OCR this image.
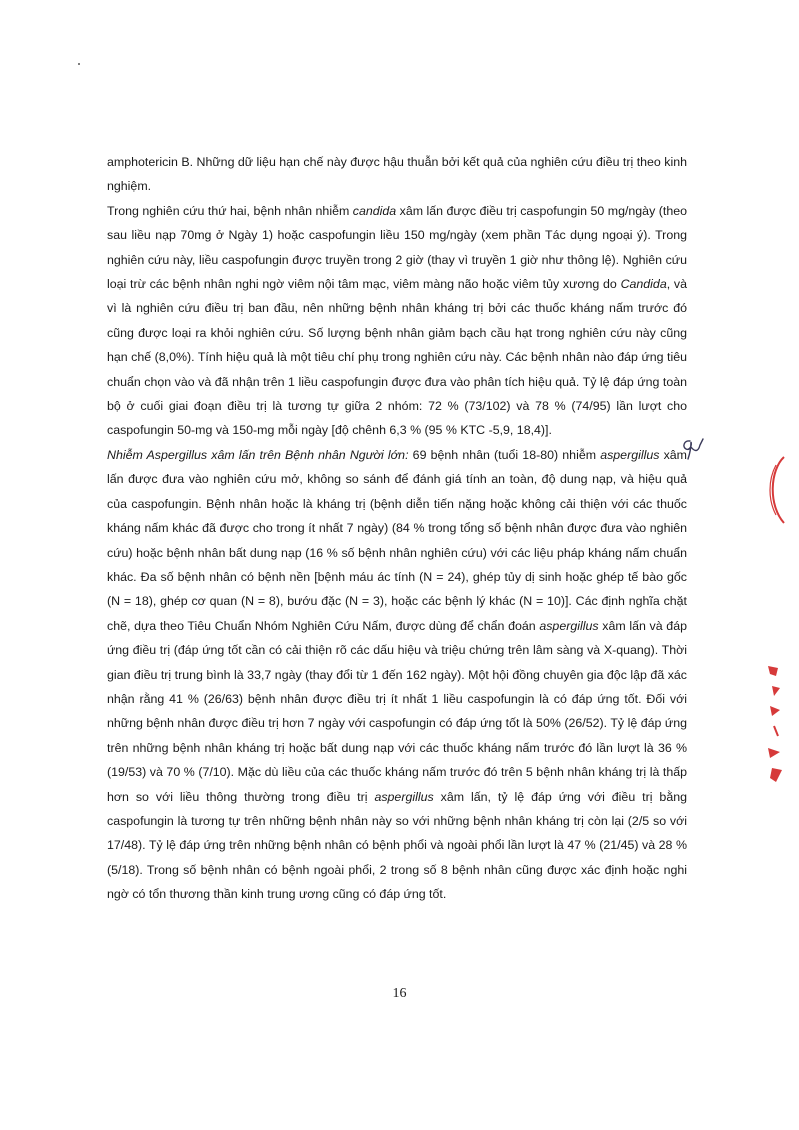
amphotericin B. Những dữ liệu hạn chế này được hậu thuẫn bởi kết quả của nghiên cứu điều trị theo kinh nghiệm.

Trong nghiên cứu thứ hai, bệnh nhân nhiễm candida xâm lấn được điều trị caspofungin 50 mg/ngày (theo sau liều nạp 70mg ở Ngày 1) hoặc caspofungin liều 150 mg/ngày (xem phần Tác dụng ngoại ý). Trong nghiên cứu này, liều caspofungin được truyền trong 2 giờ (thay vì truyền 1 giờ như thông lệ). Nghiên cứu loại trừ các bệnh nhân nghi ngờ viêm nội tâm mạc, viêm màng não hoặc viêm tủy xương do Candida, và vì là nghiên cứu điều trị ban đầu, nên những bệnh nhân kháng trị bởi các thuốc kháng nấm trước đó cũng được loại ra khỏi nghiên cứu. Số lượng bệnh nhân giảm bạch cầu hạt trong nghiên cứu này cũng hạn chế (8,0%). Tính hiệu quả là một tiêu chí phụ trong nghiên cứu này. Các bệnh nhân nào đáp ứng tiêu chuẩn chọn vào và đã nhận trên 1 liều caspofungin được đưa vào phân tích hiệu quả. Tỷ lệ đáp ứng toàn bộ ở cuối giai đoạn điều trị là tương tự giữa 2 nhóm: 72 % (73/102) và 78 % (74/95) lần lượt cho caspofungin 50-mg và 150-mg mỗi ngày [độ chênh 6,3 % (95 % KTC -5,9, 18,4)].

Nhiễm Aspergillus xâm lấn trên Bệnh nhân Người lớn: 69 bệnh nhân (tuổi 18-80) nhiễm aspergillus xâm lấn được đưa vào nghiên cứu mở, không so sánh để đánh giá tính an toàn, độ dung nạp, và hiệu quả của caspofungin. Bệnh nhân hoặc là kháng trị (bệnh diễn tiến nặng hoặc không cải thiện với các thuốc kháng nấm khác đã được cho trong ít nhất 7 ngày) (84 % trong tổng số bệnh nhân được đưa vào nghiên cứu) hoặc bệnh nhân bất dung nạp (16 % số bệnh nhân nghiên cứu) với các liệu pháp kháng nấm chuẩn khác. Đa số bệnh nhân có bệnh nền [bệnh máu ác tính (N = 24), ghép tủy dị sinh hoặc ghép tế bào gốc (N = 18), ghép cơ quan (N = 8), bướu đặc (N = 3), hoặc các bệnh lý khác (N = 10)]. Các định nghĩa chặt chẽ, dựa theo Tiêu Chuẩn Nhóm Nghiên Cứu Nấm, được dùng để chẩn đoán aspergillus xâm lấn và đáp ứng điều trị (đáp ứng tốt cần có cải thiện rõ các dấu hiệu và triệu chứng trên lâm sàng và X-quang). Thời gian điều trị trung bình là 33,7 ngày (thay đổi từ 1 đến 162 ngày). Một hội đồng chuyên gia độc lập đã xác nhận rằng 41 % (26/63) bệnh nhân được điều trị ít nhất 1 liều caspofungin là có đáp ứng tốt. Đối với những bệnh nhân được điều trị hơn 7 ngày với caspofungin có đáp ứng tốt là 50% (26/52). Tỷ lệ đáp ứng trên những bệnh nhân kháng trị hoặc bất dung nạp với các thuốc kháng nấm trước đó lần lượt là 36 % (19/53) và 70 % (7/10). Mặc dù liều của các thuốc kháng nấm trước đó trên 5 bệnh nhân kháng trị là thấp hơn so với liều thông thường trong điều trị aspergillus xâm lấn, tỷ lệ đáp ứng với điều trị bằng caspofungin là tương tự trên những bệnh nhân này so với những bệnh nhân kháng trị còn lại (2/5 so với 17/48). Tỷ lệ đáp ứng trên những bệnh nhân có bệnh phổi và ngoài phổi lần lượt là 47 % (21/45) và 28 % (5/18). Trong số bệnh nhân có bệnh ngoài phổi, 2 trong số 8 bệnh nhân cũng được xác định hoặc nghi ngờ có tổn thương thần kinh trung ương cũng có đáp ứng tốt.

16
